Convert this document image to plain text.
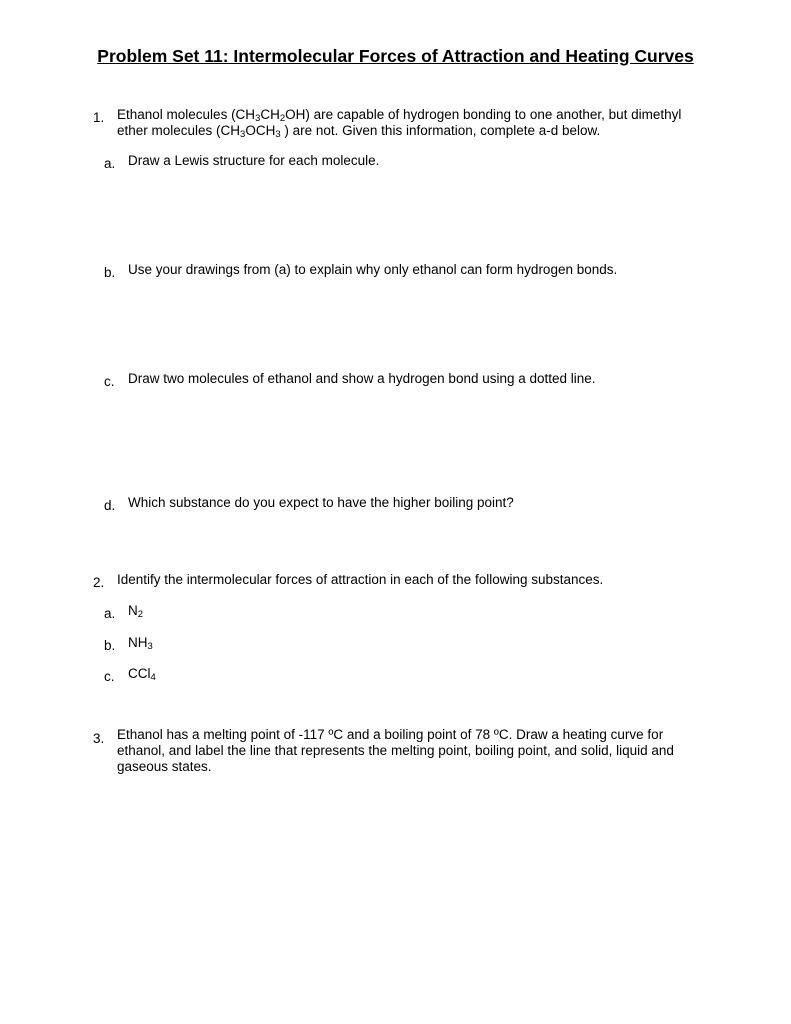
Problem Set 11: Intermolecular Forces of Attraction and Heating Curves
1. Ethanol molecules $(CH_3CH_2OH)$ are capable of hydrogen bonding to one another, but dimethyl ether molecules ($CH_3OCH_3$ ) are not. Given this information, complete a-d below.
a. Draw a Lewis structure for each molecule.
b. Use your drawings from (a) to explain why only ethanol can form hydrogen bonds.
c. Draw two molecules of ethanol and show a hydrogen bond using a dotted line.
d. Which substance do you expect to have the higher boiling point?
2. Identify the intermolecular forces of attraction in each of the following substances.
a. $N_2$
b. $NH_3$
c. CCl$_4$
3. Ethanol has a melting point of -117 ºC and a boiling point of 78 ºC. Draw a heating curve for ethanol, and label the line that represents the melting point, boiling point, and solid, liquid and gaseous states.
